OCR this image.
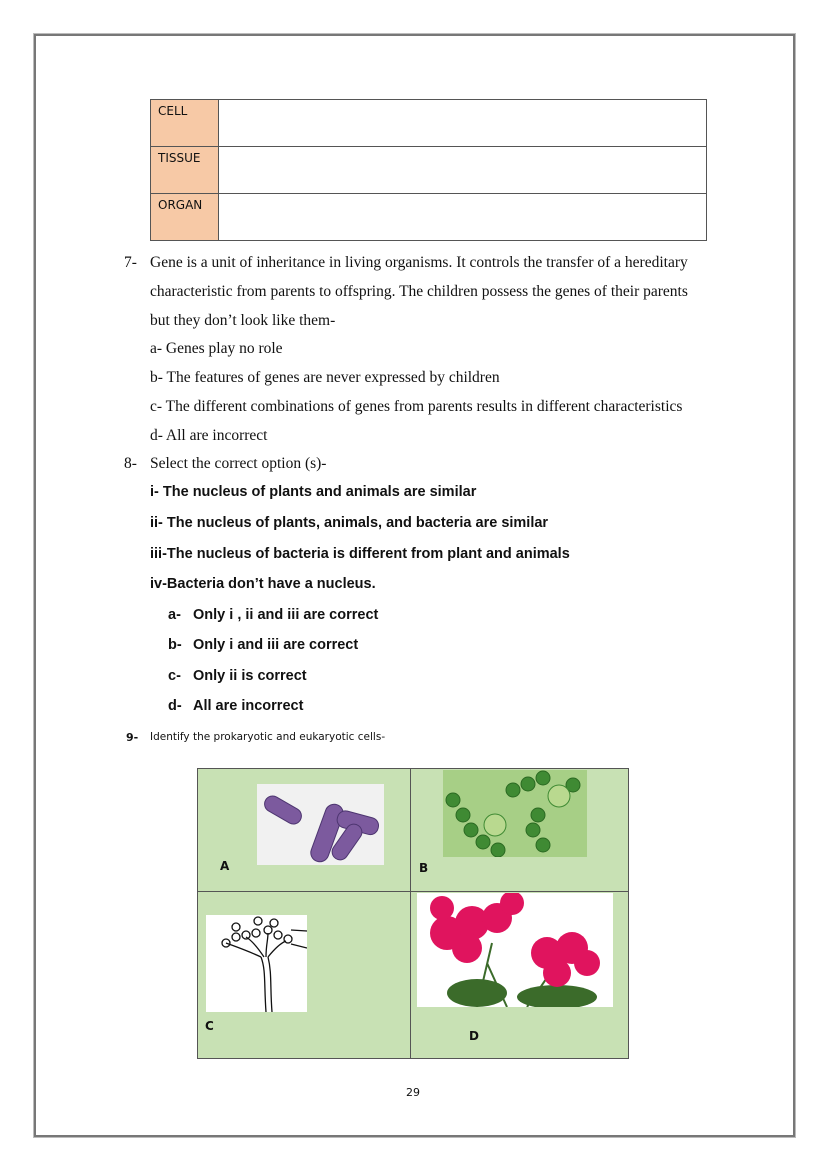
CELL	
TISSUE	
ORGAN	
7- Gene is a unit of inheritance in living organisms. It controls the transfer of a hereditary
characteristic from parents to offspring. The children possess the genes of their parents
but they don’t look like them-
a- Genes play no role
b- The features of genes are never expressed by children
c- The different combinations of genes from parents results in different characteristics
d- All are incorrect
8- Select the correct option (s)-
i- The nucleus of plants and animals are similar
ii- The nucleus of plants, animals, and bacteria are similar
iii-The nucleus of bacteria is different from plant and animals
iv-Bacteria don’t have a nucleus.
a- Only i , ii and iii are correct
b- Only i and iii are correct
c- Only ii is correct
d- All are incorrect
9- Identify the prokaryotic and eukaryotic cells-
A	B
C
D
29
